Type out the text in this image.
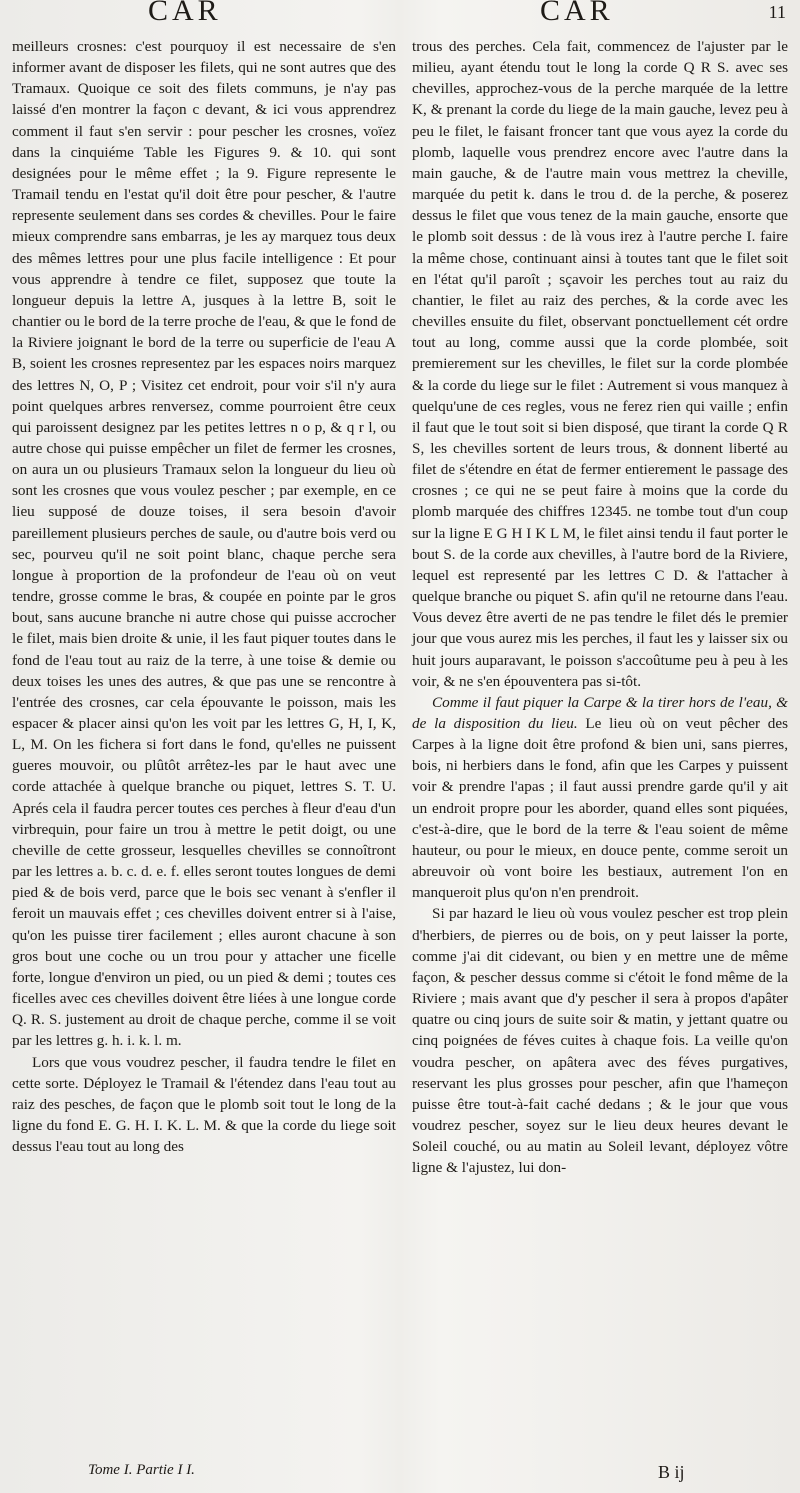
CAR	CAR	11

meilleurs crosnes: c'est pourquoy il est necessaire de s'en informer avant de disposer les filets, qui ne sont autres que des Tramaux. Quoique ce soit des filets communs, je n'ay pas laissé d'en montrer la façon c devant, & ici vous apprendrez comment il faut s'en servir : pour pescher les crosnes, voïez dans la cinquiéme Table les Figures 9. & 10. qui sont designées pour le même effet ; la 9. Figure represente le Tramail tendu en l'estat qu'il doit être pour pescher, & l'autre represente seulement dans ses cordes & chevilles. Pour le faire mieux comprendre sans embarras, je les ay marquez tous deux des mêmes lettres pour une plus facile intelligence : Et pour vous apprendre à tendre ce filet, supposez que toute la longueur depuis la lettre A, jusques à la lettre B, soit le chantier ou le bord de la terre proche de l'eau, & que le fond de la Riviere joignant le bord de la terre ou superficie de l'eau A B, soient les crosnes representez par les espaces noirs marquez des lettres N, O, P ; Visitez cet endroit, pour voir s'il n'y aura point quelques arbres renversez, comme pourroient être ceux qui paroissent designez par les petites lettres n o p, & q r l, ou autre chose qui puisse empêcher un filet de fermer les crosnes, on aura un ou plusieurs Tramaux selon la longueur du lieu où sont les crosnes que vous voulez pescher ; par exemple, en ce lieu supposé de douze toises, il sera besoin d'avoir pareillement plusieurs perches de saule, ou d'autre bois verd ou sec, pourveu qu'il ne soit point blanc, chaque perche sera longue à proportion de la profondeur de l'eau où on veut tendre, grosse comme le bras, & coupée en pointe par le gros bout, sans aucune branche ni autre chose qui puisse accrocher le filet, mais bien droite & unie, il les faut piquer toutes dans le fond de l'eau tout au raiz de la terre, à une toise & demie ou deux toises les unes des autres, & que pas une se rencontre à l'entrée des crosnes, car cela épouvante le poisson, mais les espacer & placer ainsi qu'on les voit par les lettres G, H, I, K, L, M. On les fichera si fort dans le fond, qu'elles ne puissent gueres mouvoir, ou plûtôt arrêtez-les par le haut avec une corde attachée à quelque branche ou piquet, lettres S. T. U. Aprés cela il faudra percer toutes ces perches à fleur d'eau d'un virbrequin, pour faire un trou à mettre le petit doigt, ou une cheville de cette grosseur, lesquelles chevilles se connoîtront par les lettres a. b. c. d. e. f. elles seront toutes longues de demi pied & de bois verd, parce que le bois sec venant à s'enfler il feroit un mauvais effet ; ces chevilles doivent entrer si à l'aise, qu'on les puisse tirer facilement ; elles auront chacune à son gros bout une coche ou un trou pour y attacher une ficelle forte, longue d'environ un pied, ou un pied & demi ; toutes ces ficelles avec ces chevilles doivent être liées à une longue corde Q. R. S. justement au droit de chaque perche, comme il se voit par les lettres g. h. i. k. l. m.

Lors que vous voudrez pescher, il faudra tendre le filet en cette sorte. Déployez le Tramail & l'étendez dans l'eau tout au raiz des pesches, de façon que le plomb soit tout le long de la ligne du fond E. G. H. I. K. L. M. & que la corde du liege soit dessus l'eau tout au long des

trous des perches. Cela fait, commencez de l'ajuster par le milieu, ayant étendu tout le long la corde Q R S. avec ses chevilles, approchez-vous de la perche marquée de la lettre K, & prenant la corde du liege de la main gauche, levez peu à peu le filet, le faisant froncer tant que vous ayez la corde du plomb, laquelle vous prendrez encore avec l'autre dans la main gauche, & de l'autre main vous mettrez la cheville, marquée du petit k. dans le trou d. de la perche, & poserez dessus le filet que vous tenez de la main gauche, ensorte que le plomb soit dessus : de là vous irez à l'autre perche I. faire la même chose, continuant ainsi à toutes tant que le filet soit en l'état qu'il paroît ; sçavoir les perches tout au raiz du chantier, le filet au raiz des perches, & la corde avec les chevilles ensuite du filet, observant ponctuellement cét ordre tout au long, comme aussi que la corde plombée, soit premierement sur les chevilles, le filet sur la corde plombée & la corde du liege sur le filet : Autrement si vous manquez à quelqu'une de ces regles, vous ne ferez rien qui vaille ; enfin il faut que le tout soit si bien disposé, que tirant la corde Q R S, les chevilles sortent de leurs trous, & donnent liberté au filet de s'étendre en état de fermer entierement le passage des crosnes ; ce qui ne se peut faire à moins que la corde du plomb marquée des chiffres 12345. ne tombe tout d'un coup sur la ligne E G H I K L M, le filet ainsi tendu il faut porter le bout S. de la corde aux chevilles, à l'autre bord de la Riviere, lequel est representé par les lettres C D. & l'attacher à quelque branche ou piquet S. afin qu'il ne retourne dans l'eau. Vous devez être averti de ne pas tendre le filet dés le premier jour que vous aurez mis les perches, il faut les y laisser six ou huit jours auparavant, le poisson s'accoûtume peu à peu à les voir, & ne s'en épouventera pas si-tôt.

Comme il faut piquer la Carpe & la tirer hors de l'eau, & de la disposition du lieu. Le lieu où on veut pêcher des Carpes à la ligne doit être profond & bien uni, sans pierres, bois, ni herbiers dans le fond, afin que les Carpes y puissent voir & prendre l'apas ; il faut aussi prendre garde qu'il y ait un endroit propre pour les aborder, quand elles sont piquées, c'est-à-dire, que le bord de la terre & l'eau soient de même hauteur, ou pour le mieux, en douce pente, comme seroit un abreuvoir où vont boire les bestiaux, autrement l'on en manqueroit plus qu'on n'en prendroit.

Si par hazard le lieu où vous voulez pescher est trop plein d'herbiers, de pierres ou de bois, on y peut laisser la porte, comme j'ai dit cidevant, ou bien y en mettre une de même façon, & pescher dessus comme si c'étoit le fond même de la Riviere ; mais avant que d'y pescher il sera à propos d'apâter quatre ou cinq jours de suite soir & matin, y jettant quatre ou cinq poignées de féves cuites à chaque fois. La veille qu'on voudra pescher, on apâtera avec des féves purgatives, reservant les plus grosses pour pescher, afin que l'hameçon puisse être tout-à-fait caché dedans ; & le jour que vous voudrez pescher, soyez sur le lieu deux heures devant le Soleil couché, ou au matin au Soleil levant, déployez vôtre ligne & l'ajustez, lui don-

Tome I. Partie I I.	B ij
